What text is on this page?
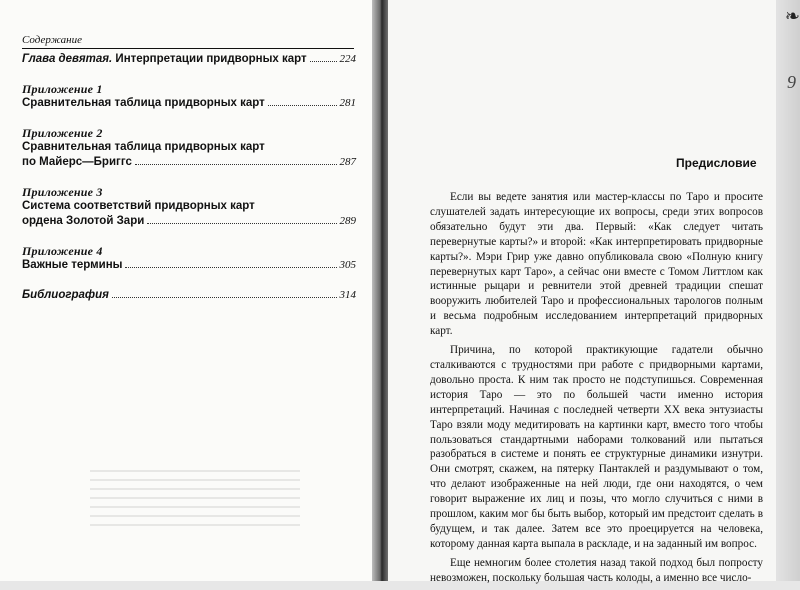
Содержание
Глава девятая.
Интерпретации придворных карт	224
Приложение 1
Сравнительная таблица придворных карт	281
Приложение 2
Сравнительная таблица придворных карт
по Майерс—Бриггс	287
Приложение 3
Система соответствий придворных карт
ордена Золотой Зари	289
Приложение 4
Важные термины	305
Библиография	314
❧
9
Предисловие

Если вы ведете занятия или мастер-классы по Таро и просите слушателей задать интересующие их вопросы, среди этих вопросов обязательно будут эти два. Первый: «Как следует читать перевернутые карты?» и второй: «Как интерпретировать придворные карты?». Мэри Грир уже давно опубликовала свою «Полную книгу перевернутых карт Таро», а сейчас они вместе с Томом Литтлом как истинные рыцари и ревнители этой древней традиции спешат вооружить любителей Таро и профессиональных тарологов полным и весьма подробным исследованием интерпретаций придворных карт.

Причина, по которой практикующие гадатели обычно сталкиваются с трудностями при работе с придворными картами, довольно проста. К ним так просто не подступишься. Современная история Таро — это по большей части именно история интерпретаций. Начиная с последней четверти XX века энтузиасты Таро взяли моду медитировать на картинки карт, вместо того чтобы пользоваться стандартными наборами толкований или пытаться разобраться в системе и понять ее структурные динамики изнутри. Они смотрят, скажем, на пятерку Пантаклей и раздумывают о том, что делают изображенные на ней люди, где они находятся, о чем говорит выражение их лиц и позы, что могло случиться с ними в прошлом, каким мог бы быть выбор, который им предстоит сделать в будущем, и так далее. Затем все это проецируется на человека, которому данная карта выпала в раскладе, и на заданный им вопрос.

Еще немногим более столетия назад такой подход был попросту невозможен, поскольку большая часть колоды, а именно все число-
